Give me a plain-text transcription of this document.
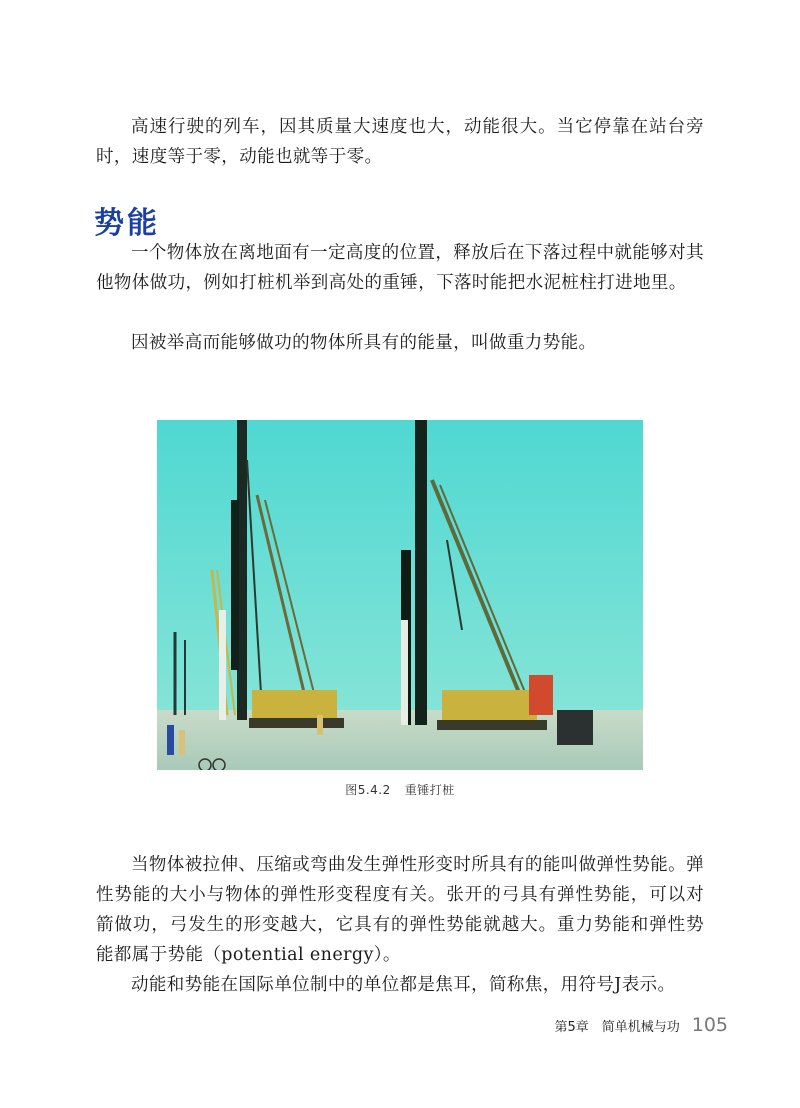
高速行驶的列车，因其质量大速度也大，动能很大。当它停靠在站台旁时，速度等于零，动能也就等于零。

势能

一个物体放在离地面有一定高度的位置，释放后在下落过程中就能够对其他物体做功，例如打桩机举到高处的重锤，下落时能把水泥桩柱打进地里。

因被举高而能够做功的物体所具有的能量，叫做重力势能。

图5.4.2 重锤打桩

当物体被拉伸、压缩或弯曲发生弹性形变时所具有的能叫做弹性势能。弹性势能的大小与物体的弹性形变程度有关。张开的弓具有弹性势能，可以对箭做功，弓发生的形变越大，它具有的弹性势能就越大。重力势能和弹性势能都属于势能（potential energy）。

动能和势能在国际单位制中的单位都是焦耳，简称焦，用符号J表示。

第5章　简单机械与功 105
